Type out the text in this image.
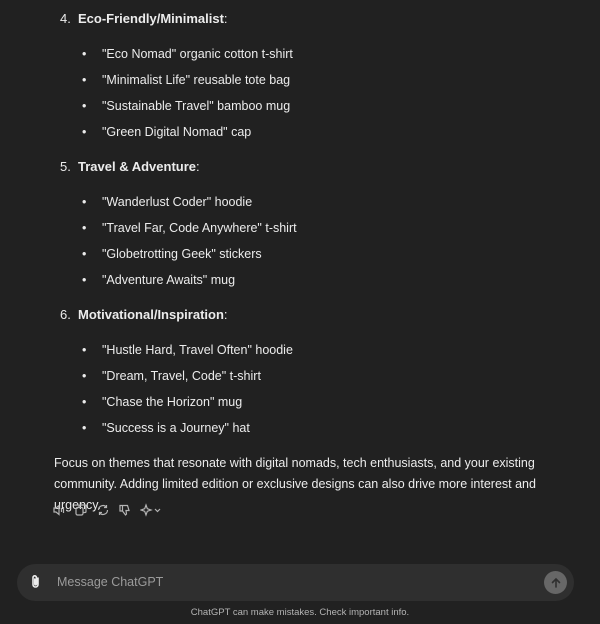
4. Eco-Friendly/Minimalist:
• "Eco Nomad" organic cotton t-shirt
• "Minimalist Life" reusable tote bag
• "Sustainable Travel" bamboo mug
• "Green Digital Nomad" cap
5. Travel & Adventure:
• "Wanderlust Coder" hoodie
• "Travel Far, Code Anywhere" t-shirt
• "Globetrotting Geek" stickers
• "Adventure Awaits" mug
6. Motivational/Inspiration:
• "Hustle Hard, Travel Often" hoodie
• "Dream, Travel, Code" t-shirt
• "Chase the Horizon" mug
• "Success is a Journey" hat
Focus on themes that resonate with digital nomads, tech enthusiasts, and your existing community. Adding limited edition or exclusive designs can also drive more interest and urgency.
Message ChatGPT
ChatGPT can make mistakes. Check important info.
